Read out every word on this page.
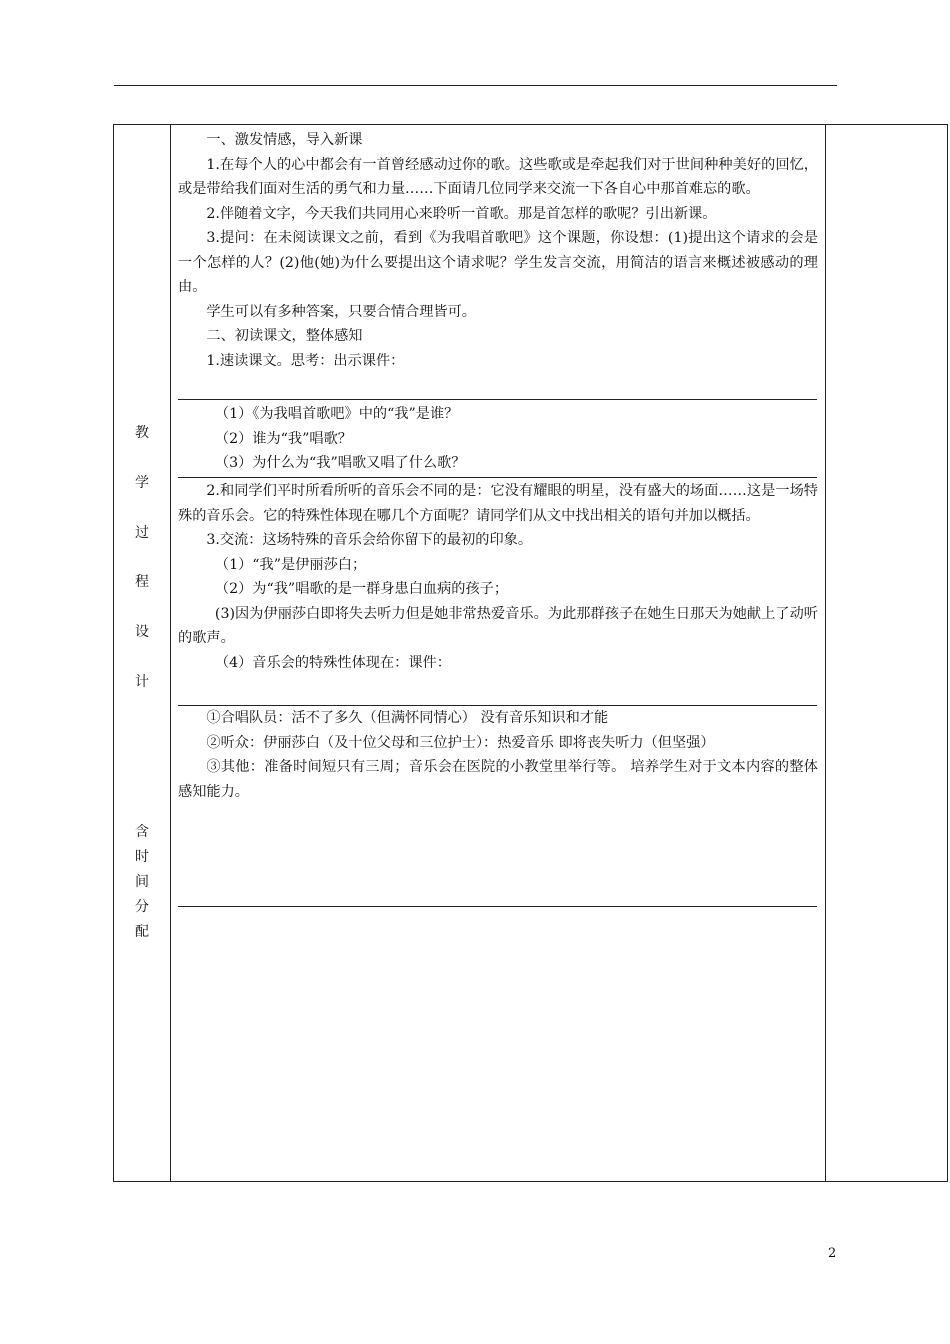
教
学
过
程
设
计
含
时
间
分
配

一、激发情感，导入新课

1.在每个人的心中都会有一首曾经感动过你的歌。这些歌或是牵起我们对于世间种种美好的回忆，或是带给我们面对生活的勇气和力量……下面请几位同学来交流一下各自心中那首难忘的歌。

2.伴随着文字，今天我们共同用心来聆听一首歌。那是首怎样的歌呢？引出新课。

3.提问：在未阅读课文之前，看到《为我唱首歌吧》这个课题，你设想：(1)提出这个请求的会是一个怎样的人？(2)他(她)为什么要提出这个请求呢？学生发言交流，用简洁的语言来概述被感动的理由。

学生可以有多种答案，只要合情合理皆可。

二、初读课文，整体感知

1.速读课文。思考：出示课件：

（1）《为我唱首歌吧》中的“我”是谁？

（2）谁为“我”唱歌？

（3）为什么为“我”唱歌又唱了什么歌？

2.和同学们平时所看所听的音乐会不同的是：它没有耀眼的明星，没有盛大的场面……这是一场特殊的音乐会。它的特殊性体现在哪几个方面呢？请同学们从文中找出相关的语句并加以概括。

3.交流：这场特殊的音乐会给你留下的最初的印象。

（1）“我”是伊丽莎白；

（2）为“我”唱歌的是一群身患白血病的孩子；

(3)因为伊丽莎白即将失去听力但是她非常热爱音乐。为此那群孩子在她生日那天为她献上了动听的歌声。

（4）音乐会的特殊性体现在：课件：

①合唱队员：活不了多久（但满怀同情心） 没有音乐知识和才能

②听众：伊丽莎白（及十位父母和三位护士）：热爱音乐 即将丧失听力（但坚强）

③其他：准备时间短只有三周；音乐会在医院的小教堂里举行等。 培养学生对于文本内容的整体感知能力。

2
